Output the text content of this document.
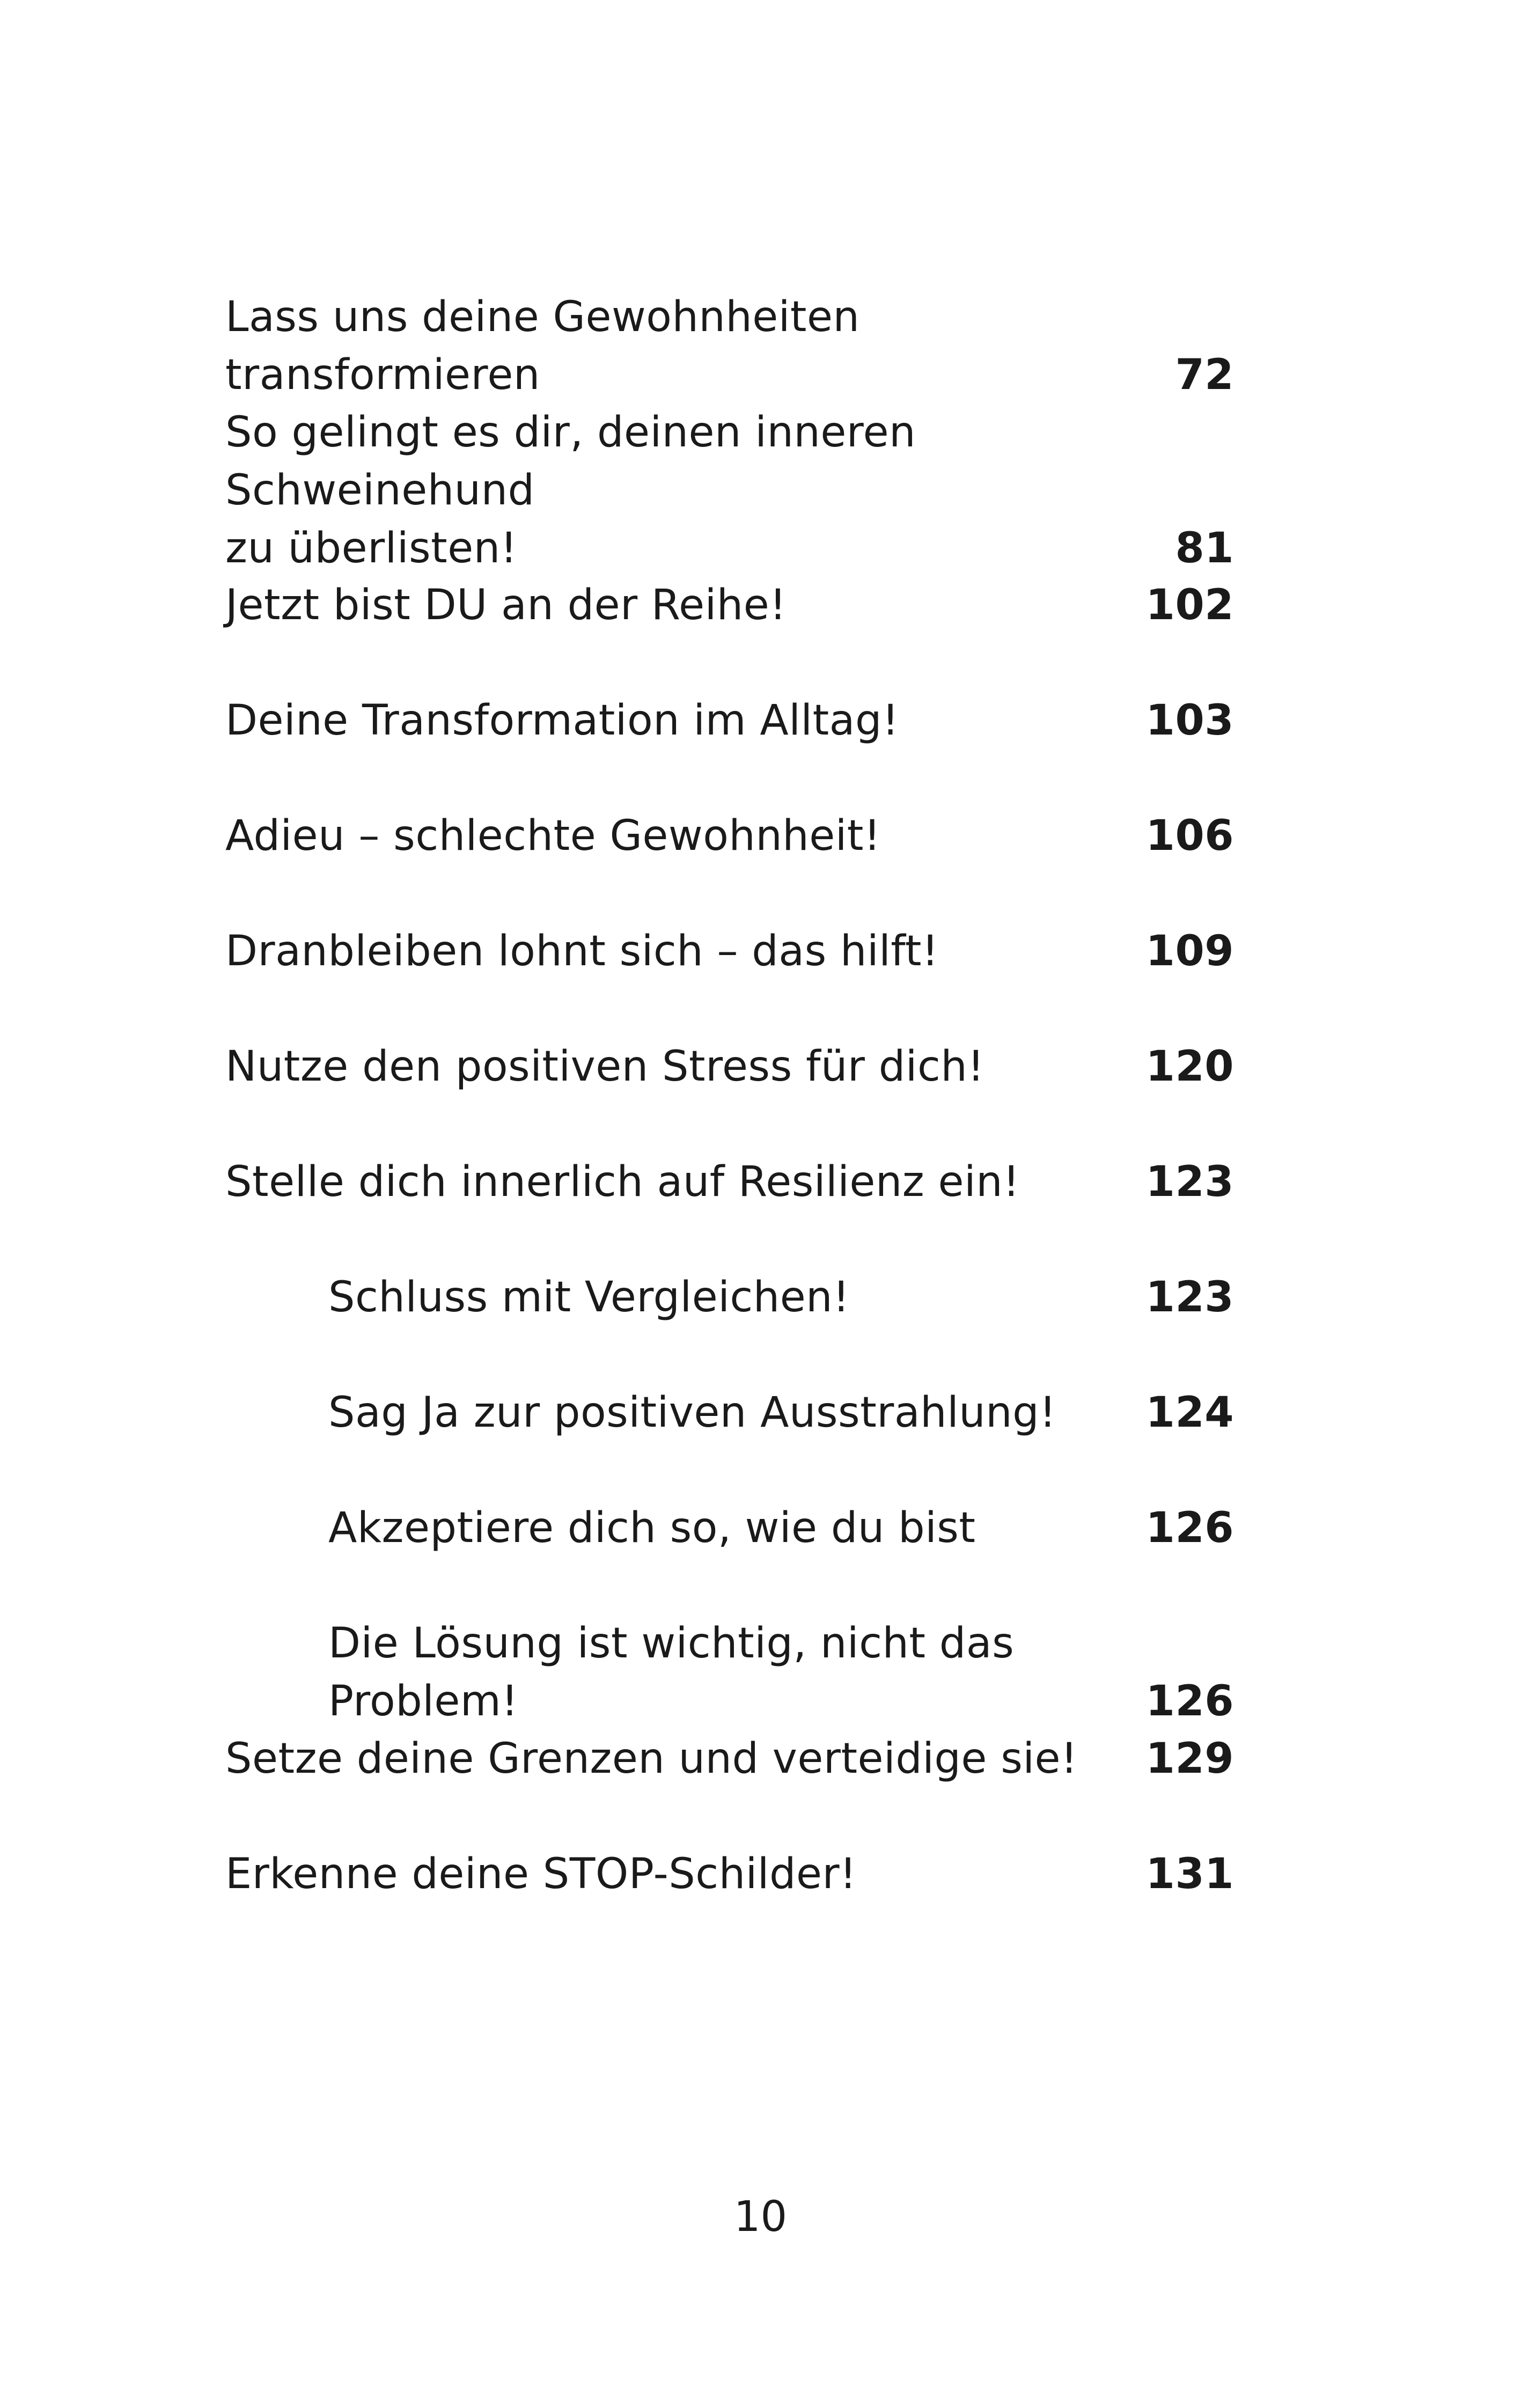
Lass uns deine Gewohnheiten transformieren	72
So gelingt es dir, deinen inneren Schweinehund
zu überlisten!	81
Jetzt bist DU an der Reihe!	102
Deine Transformation im Alltag!	103
Adieu – schlechte Gewohnheit!	106
Dranbleiben lohnt sich – das hilft!	109
Nutze den positiven Stress für dich!	120
Stelle dich innerlich auf Resilienz ein!	123
Schluss mit Vergleichen!	123
Sag Ja zur positiven Ausstrahlung!	124
Akzeptiere dich so, wie du bist	126
Die Lösung ist wichtig, nicht das Problem!	126
Setze deine Grenzen und verteidige sie!	129
Erkenne deine STOP-Schilder!	131
10
